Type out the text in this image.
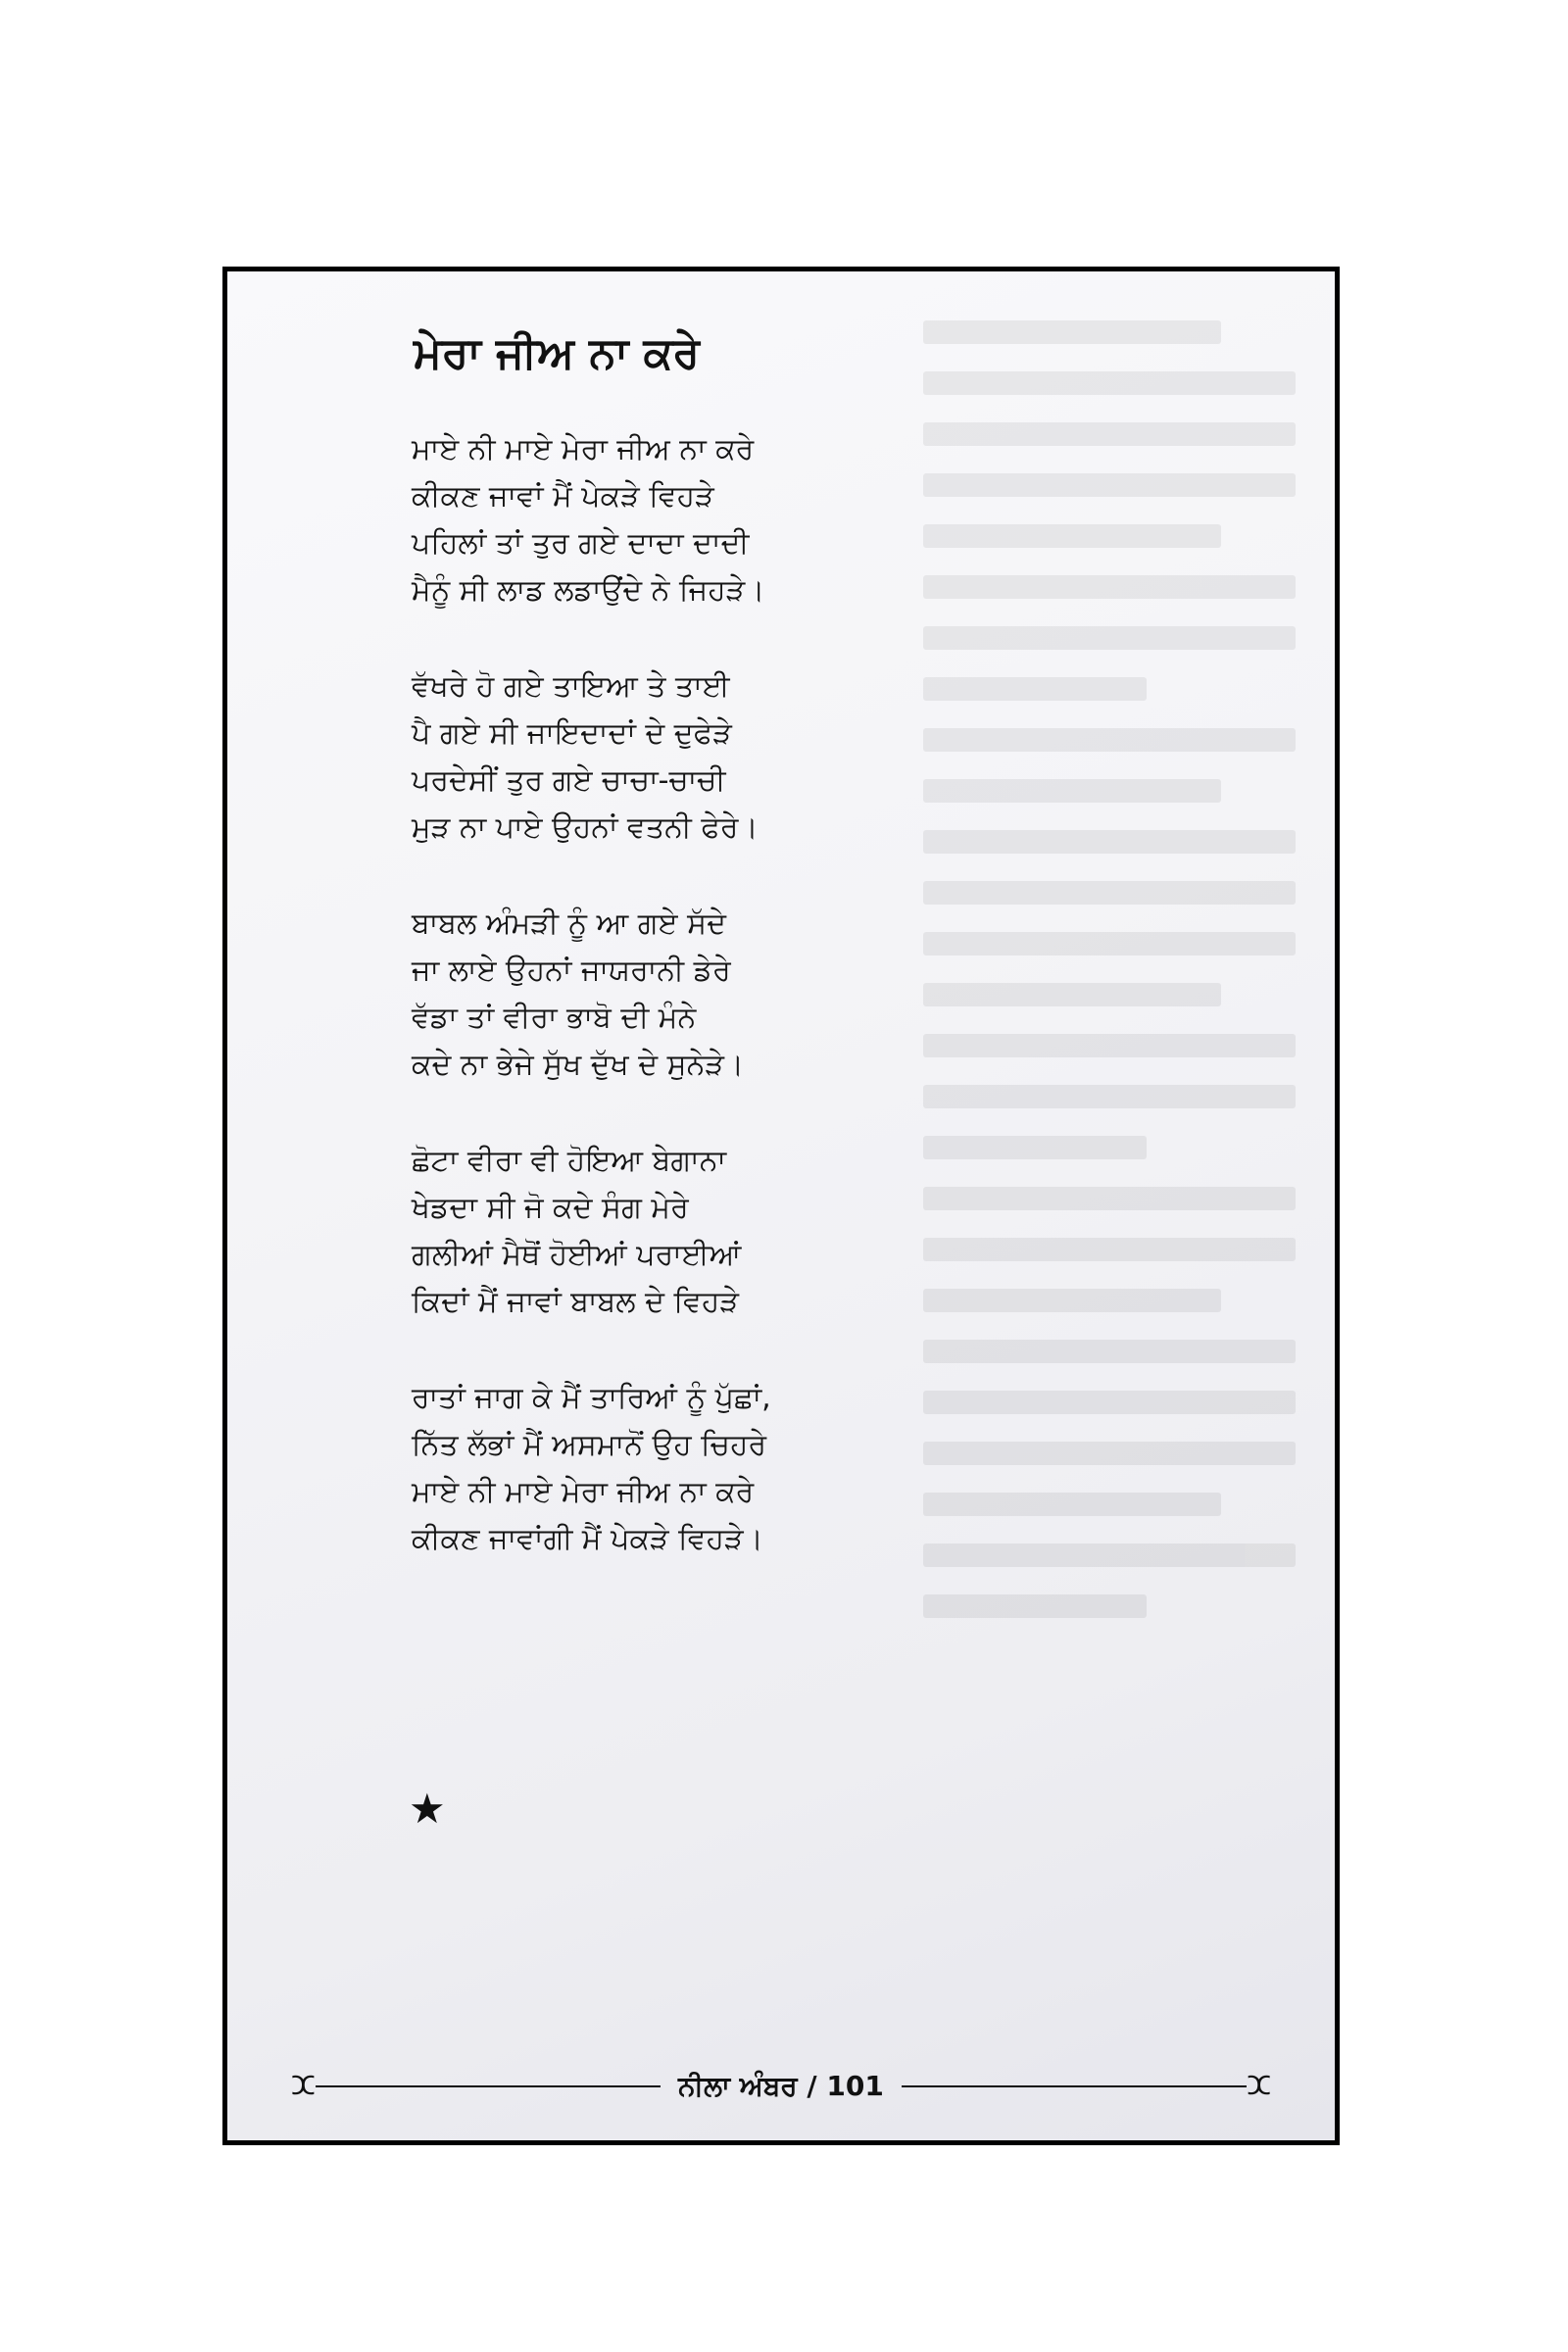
ਮੇਰਾ ਜੀਅ ਨਾ ਕਰੇ
ਮਾਏ ਨੀ ਮਾਏ ਮੇਰਾ ਜੀਅ ਨਾ ਕਰੇ
ਕੀਕਣ ਜਾਵਾਂ ਮੈਂ ਪੇਕੜੇ ਵਿਹੜੇ
ਪਹਿਲਾਂ ਤਾਂ ਤੁਰ ਗਏ ਦਾਦਾ ਦਾਦੀ
ਮੈਨੂੰ ਸੀ ਲਾਡ ਲਡਾਉਂਦੇ ਨੇ ਜਿਹੜੇ।
ਵੱਖਰੇ ਹੋ ਗਏ ਤਾਇਆ ਤੇ ਤਾਈ
ਪੈ ਗਏ ਸੀ ਜਾਇਦਾਦਾਂ ਦੇ ਦੁਫੇੜੇ
ਪਰਦੇਸੀਂ ਤੁਰ ਗਏ ਚਾਚਾ-ਚਾਚੀ
ਮੁੜ ਨਾ ਪਾਏ ਉਹਨਾਂ ਵਤਨੀ ਫੇਰੇ।
ਬਾਬਲ ਅੰਮੜੀ ਨੂੰ ਆ ਗਏ ਸੱਦੇ
ਜਾ ਲਾਏ ਉਹਨਾਂ ਜਾਯਰਾਨੀ ਡੇਰੇ
ਵੱਡਾ ਤਾਂ ਵੀਰਾ ਭਾਬੋ ਦੀ ਮੰਨੇ
ਕਦੇ ਨਾ ਭੇਜੇ ਸੁੱਖ ਦੁੱਖ ਦੇ ਸੁਨੇੜੇ।
ਛੋਟਾ ਵੀਰਾ ਵੀ ਹੋਇਆ ਬੇਗਾਨਾ
ਖੇਡਦਾ ਸੀ ਜੋ ਕਦੇ ਸੰਗ ਮੇਰੇ
ਗਲੀਆਂ ਮੈਥੋਂ ਹੋਈਆਂ ਪਰਾਈਆਂ
ਕਿਦਾਂ ਮੈਂ ਜਾਵਾਂ ਬਾਬਲ ਦੇ ਵਿਹੜੇ
ਰਾਤਾਂ ਜਾਗ ਕੇ ਮੈਂ ਤਾਰਿਆਂ ਨੂੰ ਪੁੱਛਾਂ,
ਨਿੱਤ ਲੱਭਾਂ ਮੈਂ ਅਸਮਾਨੋਂ ਉਹ ਚਿਹਰੇ
ਮਾਏ ਨੀ ਮਾਏ ਮੇਰਾ ਜੀਅ ਨਾ ਕਰੇ
ਕੀਕਣ ਜਾਵਾਂਗੀ ਮੈਂ ਪੇਕੜੇ ਵਿਹੜੇ।
★
ⵋ	ਨੀਲਾ ਅੰਬਰ / 101	ⵋ
